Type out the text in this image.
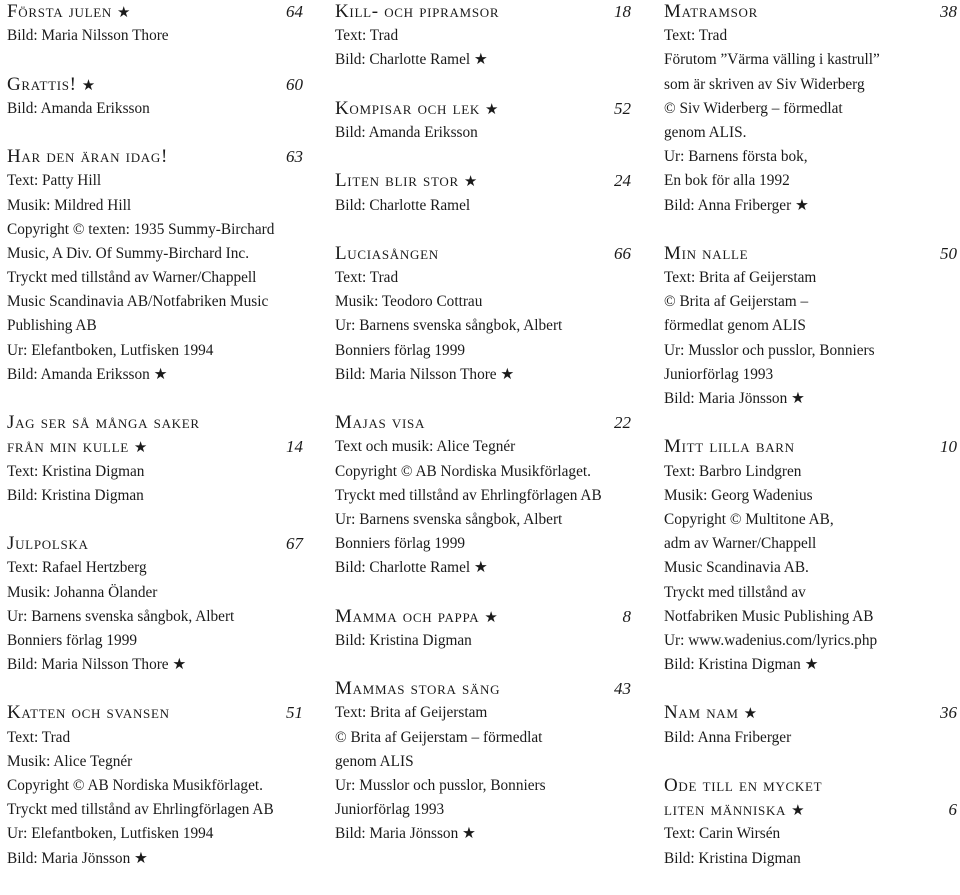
Första julen ★	64
Bild: Maria Nilsson Thore
Grattis! ★	60
Bild: Amanda Eriksson
Har den äran idag!	63
Text: Patty Hill
Musik: Mildred Hill
Copyright © texten: 1935 Summy-Birchard
Music, A Div. Of Summy-Birchard Inc.
Tryckt med tillstånd av Warner/Chappell
Music Scandinavia AB/Notfabriken Music
Publishing AB
Ur: Elefantboken, Lutfisken 1994
Bild: Amanda Eriksson ★
Jag ser så många saker
från min kulle ★	14
Text: Kristina Digman
Bild: Kristina Digman
Julpolska	67
Text: Rafael Hertzberg
Musik: Johanna Ölander
Ur: Barnens svenska sångbok, Albert
Bonniers förlag 1999
Bild: Maria Nilsson Thore ★
Katten och svansen	51
Text: Trad
Musik: Alice Tegnér
Copyright © AB Nordiska Musikförlaget.
Tryckt med tillstånd av Ehrlingförlagen AB
Ur: Elefantboken, Lutfisken 1994
Bild: Maria Jönsson ★
Kill- och pipramsor	18
Text: Trad
Bild: Charlotte Ramel ★
Kompisar och lek ★	52
Bild: Amanda Eriksson
Liten blir stor ★	24
Bild: Charlotte Ramel
Luciasången	66
Text: Trad
Musik: Teodoro Cottrau
Ur: Barnens svenska sångbok, Albert
Bonniers förlag 1999
Bild: Maria Nilsson Thore ★
Majas visa	22
Text och musik: Alice Tegnér
Copyright © AB Nordiska Musikförlaget.
Tryckt med tillstånd av Ehrlingförlagen AB
Ur: Barnens svenska sångbok, Albert
Bonniers förlag 1999
Bild: Charlotte Ramel ★
Mamma och pappa ★	8
Bild: Kristina Digman
Mammas stora säng	43
Text: Brita af Geijerstam
© Brita af Geijerstam – förmedlat
genom ALIS
Ur: Musslor och pusslor, Bonniers
Juniorförlag 1993
Bild: Maria Jönsson ★
Matramsor	38
Text: Trad
Förutom ”Värma välling i kastrull”
som är skriven av Siv Widerberg
© Siv Widerberg – förmedlat
genom ALIS.
Ur: Barnens första bok,
En bok för alla 1992
Bild: Anna Friberger ★
Min nalle	50
Text: Brita af Geijerstam
© Brita af Geijerstam –
förmedlat genom ALIS
Ur: Musslor och pusslor, Bonniers
Juniorförlag 1993
Bild: Maria Jönsson ★
Mitt lilla barn	10
Text: Barbro Lindgren
Musik: Georg Wadenius
Copyright © Multitone AB,
adm av Warner/Chappell
Music Scandinavia AB.
Tryckt med tillstånd av
Notfabriken Music Publishing AB
Ur: www.wadenius.com/lyrics.php
Bild: Kristina Digman ★
Nam nam ★	36
Bild: Anna Friberger
Ode till en mycket
liten människa ★	6
Text: Carin Wirsén
Bild: Kristina Digman
